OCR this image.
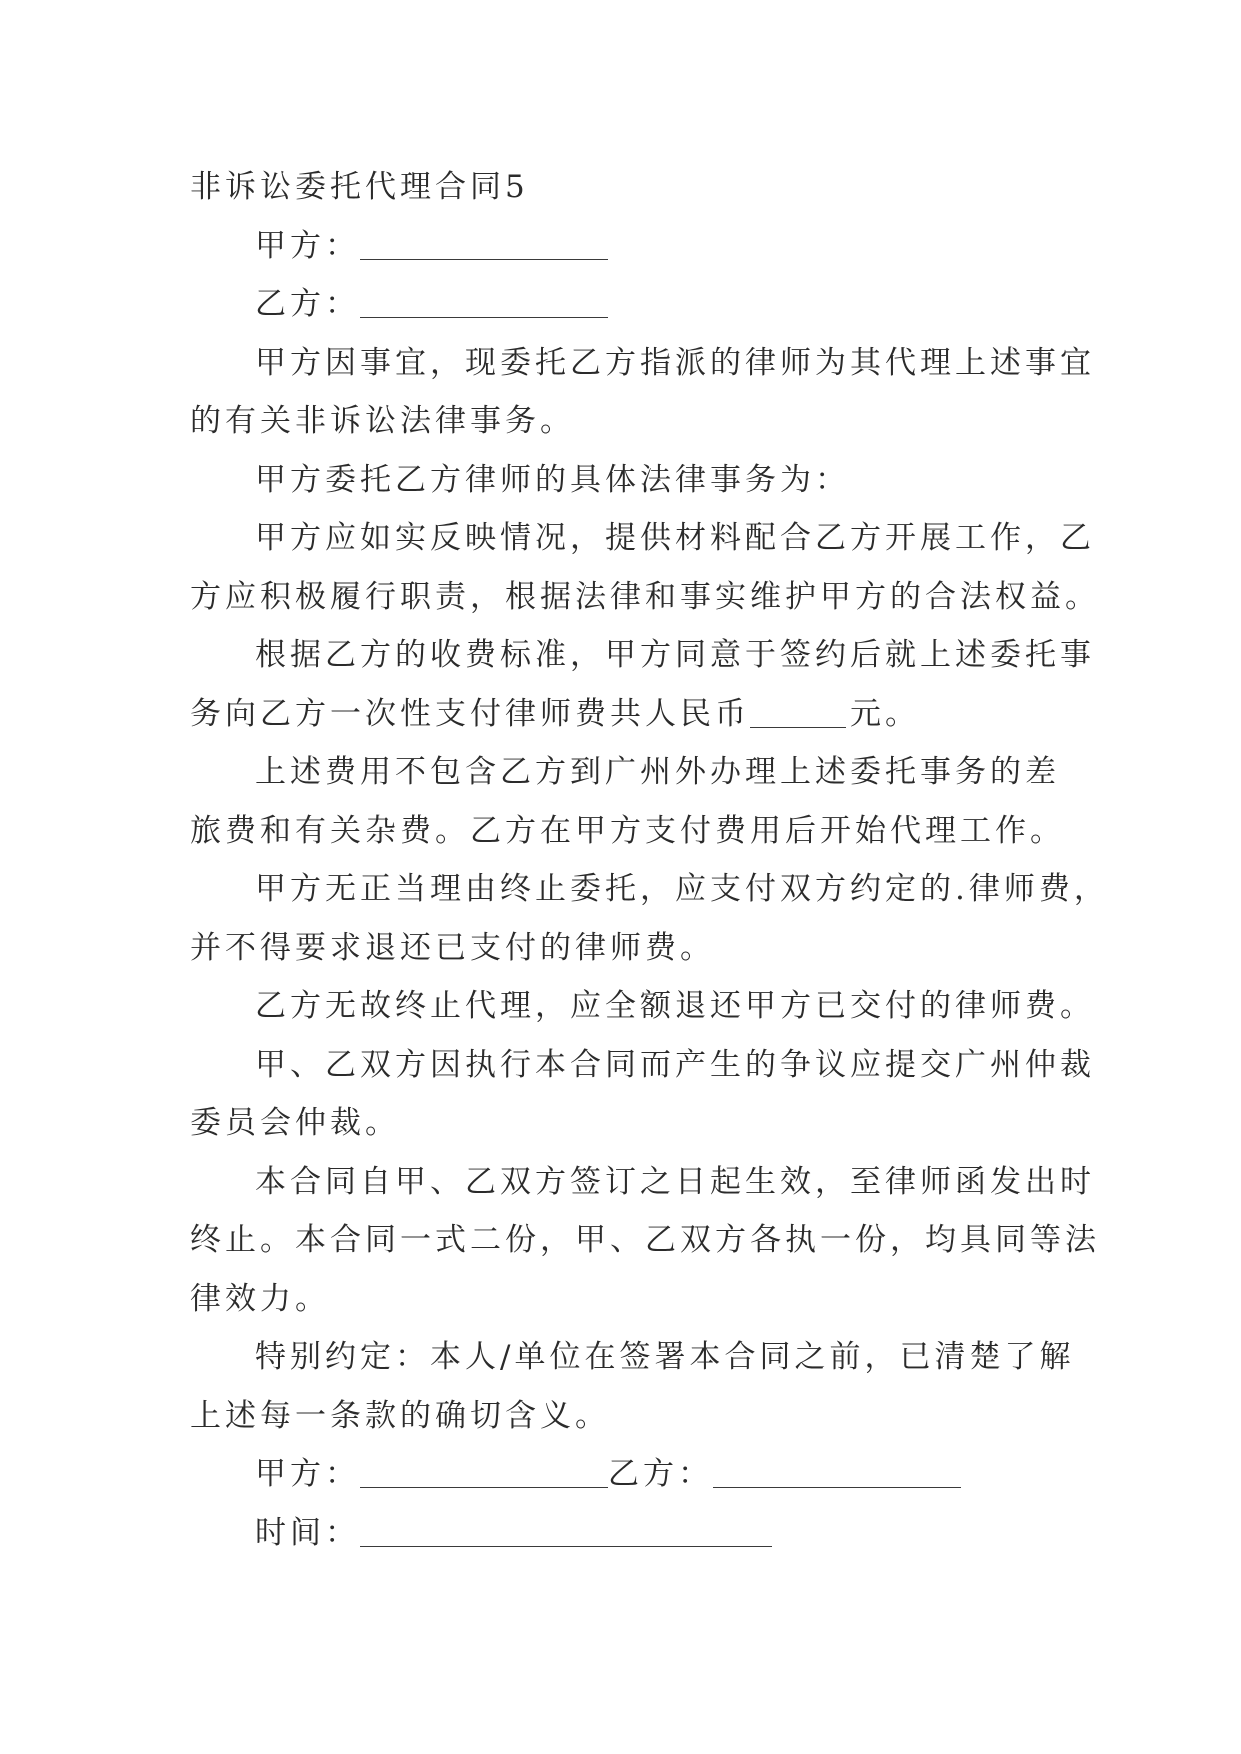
非诉讼委托代理合同5
甲方：
乙方：
甲方因事宜，现委托乙方指派的律师为其代理上述事宜
的有关非诉讼法律事务。
甲方委托乙方律师的具体法律事务为：
甲方应如实反映情况，提供材料配合乙方开展工作，乙
方应积极履行职责，根据法律和事实维护甲方的合法权益。
根据乙方的收费标准，甲方同意于签约后就上述委托事
务向乙方一次性支付律师费共人民币	元。
上述费用不包含乙方到广州外办理上述委托事务的差
旅费和有关杂费。乙方在甲方支付费用后开始代理工作。
甲方无正当理由终止委托，应支付双方约定的.律师费，
并不得要求退还已支付的律师费。
乙方无故终止代理，应全额退还甲方已交付的律师费。
甲、乙双方因执行本合同而产生的争议应提交广州仲裁
委员会仲裁。
本合同自甲、乙双方签订之日起生效，至律师函发出时
终止。本合同一式二份，甲、乙双方各执一份，均具同等法
律效力。
特别约定：本人/单位在签署本合同之前，已清楚了解
上述每一条款的确切含义。
甲方：	乙方：
时间：
